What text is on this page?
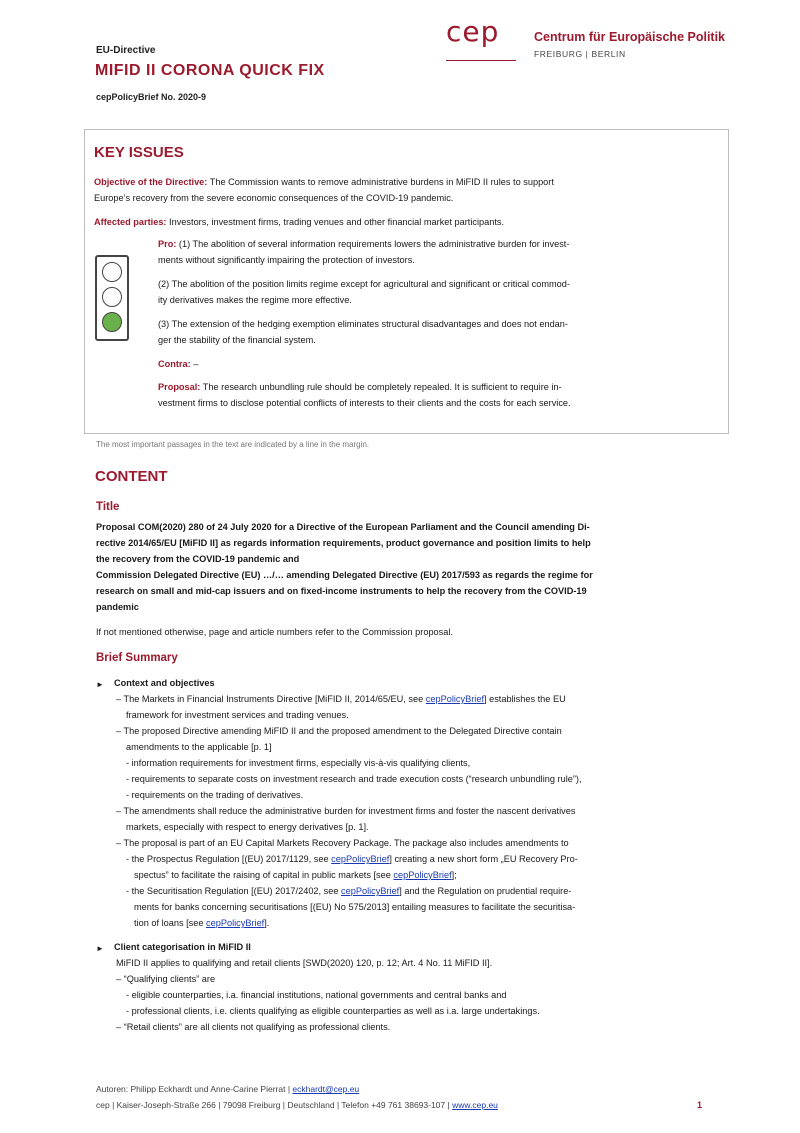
EU-Directive
MIFID II CORONA QUICK FIX
cepPolicyBrief No. 2020-9
cep	Centrum für Europäische Politik
FREIBURG | BERLIN
KEY ISSUES
Objective of the Directive: The Commission wants to remove administrative burdens in MiFID II rules to support
Europe’s recovery from the severe economic consequences of the COVID-19 pandemic.
Affected parties: Investors, investment firms, trading venues and other financial market participants.
Pro: (1) The abolition of several information requirements lowers the administrative burden for invest-
ments without significantly impairing the protection of investors.
(2) The abolition of the position limits regime except for agricultural and significant or critical commod-
ity derivatives makes the regime more effective.
(3) The extension of the hedging exemption eliminates structural disadvantages and does not endan-
ger the stability of the financial system.
Contra: –
Proposal: The research unbundling rule should be completely repealed. It is sufficient to require in-
vestment firms to disclose potential conflicts of interests to their clients and the costs for each service.
The most important passages in the text are indicated by a line in the margin.
CONTENT
Title
Proposal COM(2020) 280 of 24 July 2020 for a Directive of the European Parliament and the Council amending Di-
rective 2014/65/EU [MiFID II] as regards information requirements, product governance and position limits to help
the recovery from the COVID-19 pandemic and
Commission Delegated Directive (EU) …/… amending Delegated Directive (EU) 2017/593 as regards the regime for
research on small and mid-cap issuers and on fixed-income instruments to help the recovery from the COVID-19
pandemic
If not mentioned otherwise, page and article numbers refer to the Commission proposal.
Brief Summary
► Context and objectives
– The Markets in Financial Instruments Directive [MiFID II, 2014/65/EU, see cepPolicyBrief] establishes the EU
framework for investment services and trading venues.
– The proposed Directive amending MiFID II and the proposed amendment to the Delegated Directive contain
amendments to the applicable [p. 1]
- information requirements for investment firms, especially vis-à-vis qualifying clients,
- requirements to separate costs on investment research and trade execution costs (“research unbundling rule”),
- requirements on the trading of derivatives.
– The amendments shall reduce the administrative burden for investment firms and foster the nascent derivatives
markets, especially with respect to energy derivatives [p. 1].
– The proposal is part of an EU Capital Markets Recovery Package. The package also includes amendments to
- the Prospectus Regulation [(EU) 2017/1129, see cepPolicyBrief] creating a new short form „EU Recovery Pro-
spectus” to facilitate the raising of capital in public markets [see cepPolicyBrief];
- the Securitisation Regulation [(EU) 2017/2402, see cepPolicyBrief] and the Regulation on prudential require-
ments for banks concerning securitisations [(EU) No 575/2013] entailing measures to facilitate the securitisa-
tion of loans [see cepPolicyBrief].
► Client categorisation in MiFID II
MiFID II applies to qualifying and retail clients [SWD(2020) 120, p. 12; Art. 4 No. 11 MiFID II].
– “Qualifying clients” are
- eligible counterparties, i.a. financial institutions, national governments and central banks and
- professional clients, i.e. clients qualifying as eligible counterparties as well as i.a. large undertakings.
– “Retail clients” are all clients not qualifying as professional clients.
Autoren: Philipp Eckhardt und Anne-Carine Pierrat | eckhardt@cep.eu
cep | Kaiser-Joseph-Straße 266 | 79098 Freiburg | Deutschland | Telefon +49 761 38693-107 | www.cep.eu	1
